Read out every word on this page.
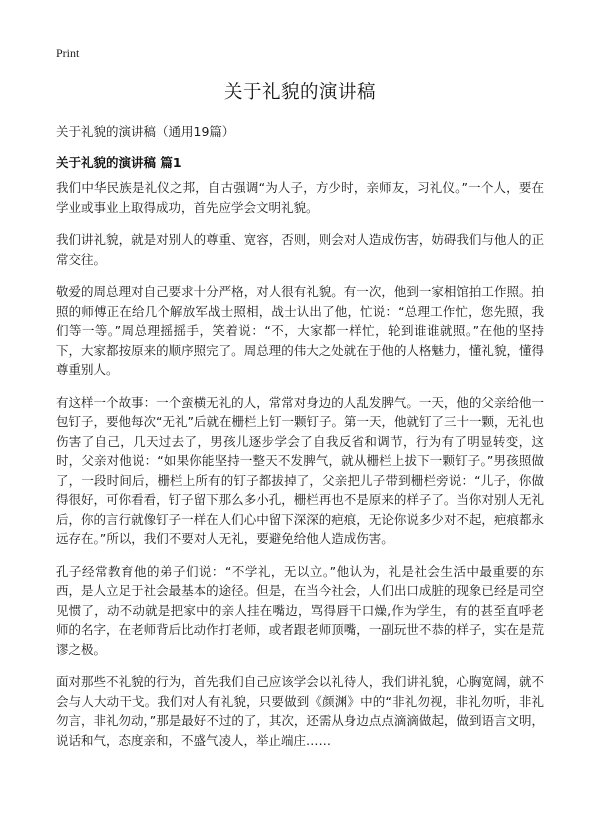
Print
关于礼貌的演讲稿
关于礼貌的演讲稿（通用19篇）
关于礼貌的演讲稿 篇1

我们中华民族是礼仪之邦，自古强调“为人子，方少时，亲师友，习礼仪。”一个人，要在学业或事业上取得成功，首先应学会文明礼貌。

我们讲礼貌，就是对别人的尊重、宽容，否则，则会对人造成伤害，妨碍我们与他人的正常交往。

敬爱的周总理对自己要求十分严格，对人很有礼貌。有一次，他到一家相馆拍工作照。拍照的师傅正在给几个解放军战士照相，战士认出了他，忙说：“总理工作忙，您先照，我们等一等。”周总理摇摇手，笑着说：“不，大家都一样忙，轮到谁谁就照。”在他的坚持下，大家都按原来的顺序照完了。周总理的伟大之处就在于他的人格魅力，懂礼貌，懂得尊重别人。

有这样一个故事：一个蛮横无礼的人，常常对身边的人乱发脾气。一天，他的父亲给他一包钉子，要他每次“无礼”后就在栅栏上钉一颗钉子。第一天，他就钉了三十一颗，无礼也伤害了自己，几天过去了，男孩儿逐步学会了自我反省和调节，行为有了明显转变，这时，父亲对他说：“如果你能坚持一整天不发脾气，就从栅栏上拔下一颗钉子。”男孩照做了，一段时间后，栅栏上所有的钉子都拔掉了，父亲把儿子带到栅栏旁说：“儿子，你做得很好，可你看看，钉子留下那么多小孔，栅栏再也不是原来的样子了。当你对别人无礼后，你的言行就像钉子一样在人们心中留下深深的疤痕，无论你说多少对不起，疤痕都永远存在。”所以，我们不要对人无礼，要避免给他人造成伤害。

孔子经常教育他的弟子们说：“不学礼，无以立。”他认为，礼是社会生活中最重要的东西，是人立足于社会最基本的途径。但是，在当今社会，人们出口成脏的现象已经是司空见惯了，动不动就是把家中的亲人挂在嘴边，骂得唇干口燥,作为学生，有的甚至直呼老师的名字，在老师背后比动作打老师，或者跟老师顶嘴，一副玩世不恭的样子，实在是荒谬之极。

面对那些不礼貌的行为，首先我们自己应该学会以礼待人，我们讲礼貌，心胸宽阔，就不会与人大动干戈。我们对人有礼貌，只要做到《颜渊》中的“非礼勿视，非礼勿听，非礼勿言，非礼勿动，”那是最好不过的了，其次，还需从身边点点滴滴做起，做到语言文明，说话和气，态度亲和，不盛气凌人，举止端庄……
